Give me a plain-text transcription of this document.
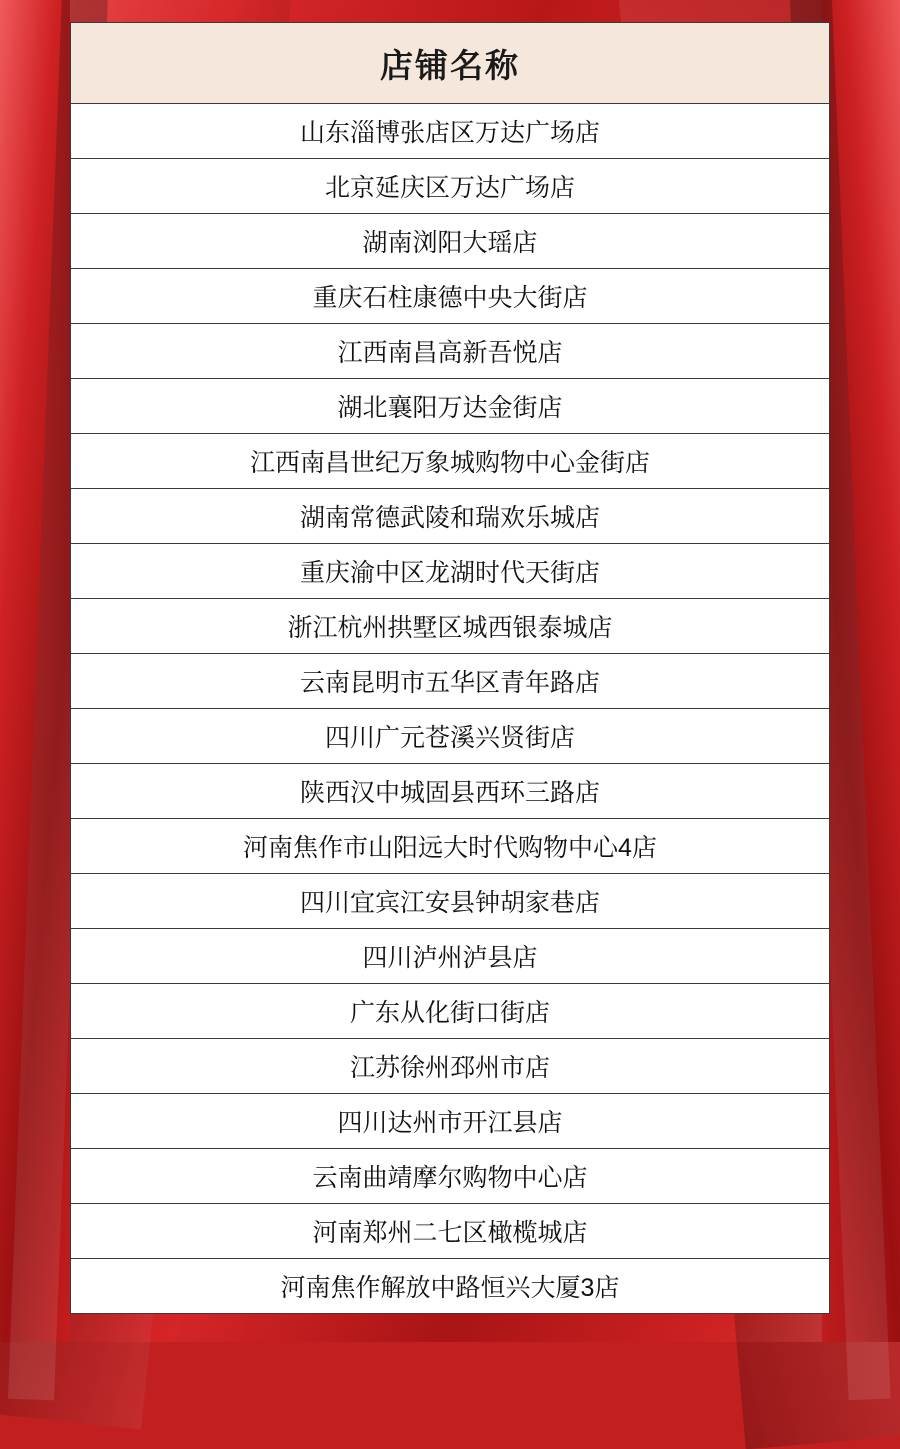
店铺名称
山东淄博张店区万达广场店
北京延庆区万达广场店
湖南浏阳大瑶店
重庆石柱康德中央大街店
江西南昌高新吾悦店
湖北襄阳万达金街店
江西南昌世纪万象城购物中心金街店
湖南常德武陵和瑞欢乐城店
重庆渝中区龙湖时代天街店
浙江杭州拱墅区城西银泰城店
云南昆明市五华区青年路店
四川广元苍溪兴贤街店
陕西汉中城固县西环三路店
河南焦作市山阳远大时代购物中心4店
四川宜宾江安县钟胡家巷店
四川泸州泸县店
广东从化街口街店
江苏徐州邳州市店
四川达州市开江县店
云南曲靖摩尔购物中心店
河南郑州二七区橄榄城店
河南焦作解放中路恒兴大厦3店
